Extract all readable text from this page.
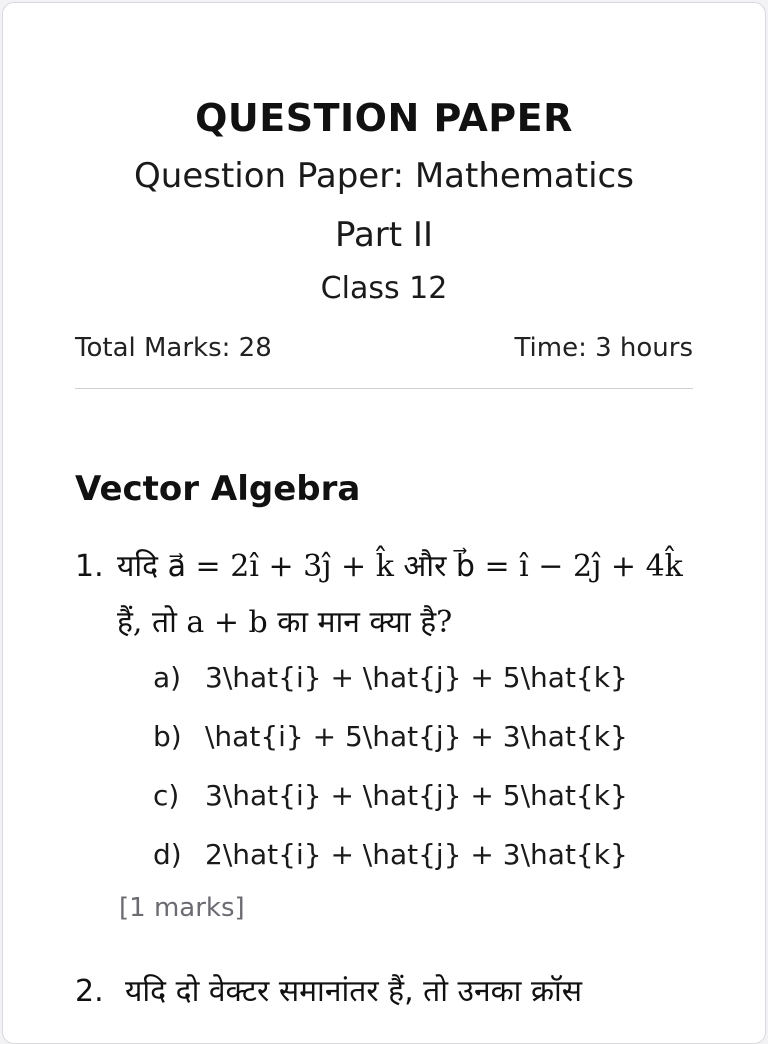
QUESTION PAPER
Question Paper: Mathematics
Part II
Class 12
Total Marks: 28	Time: 3 hours
Vector Algebra
1. यदि a⃗ = 2î + 3ĵ + k̂ और b⃗ = î − 2ĵ + 4k̂ हैं, तो a + b का मान क्या है?
a) 3\hat{i} + \hat{j} + 5\hat{k}
b) \hat{i} + 5\hat{j} + 3\hat{k}
c) 3\hat{i} + \hat{j} + 5\hat{k}
d) 2\hat{i} + \hat{j} + 3\hat{k}
[1 marks]
2. यदि दो वेक्टर समानांतर हैं, तो उनका क्रॉस
